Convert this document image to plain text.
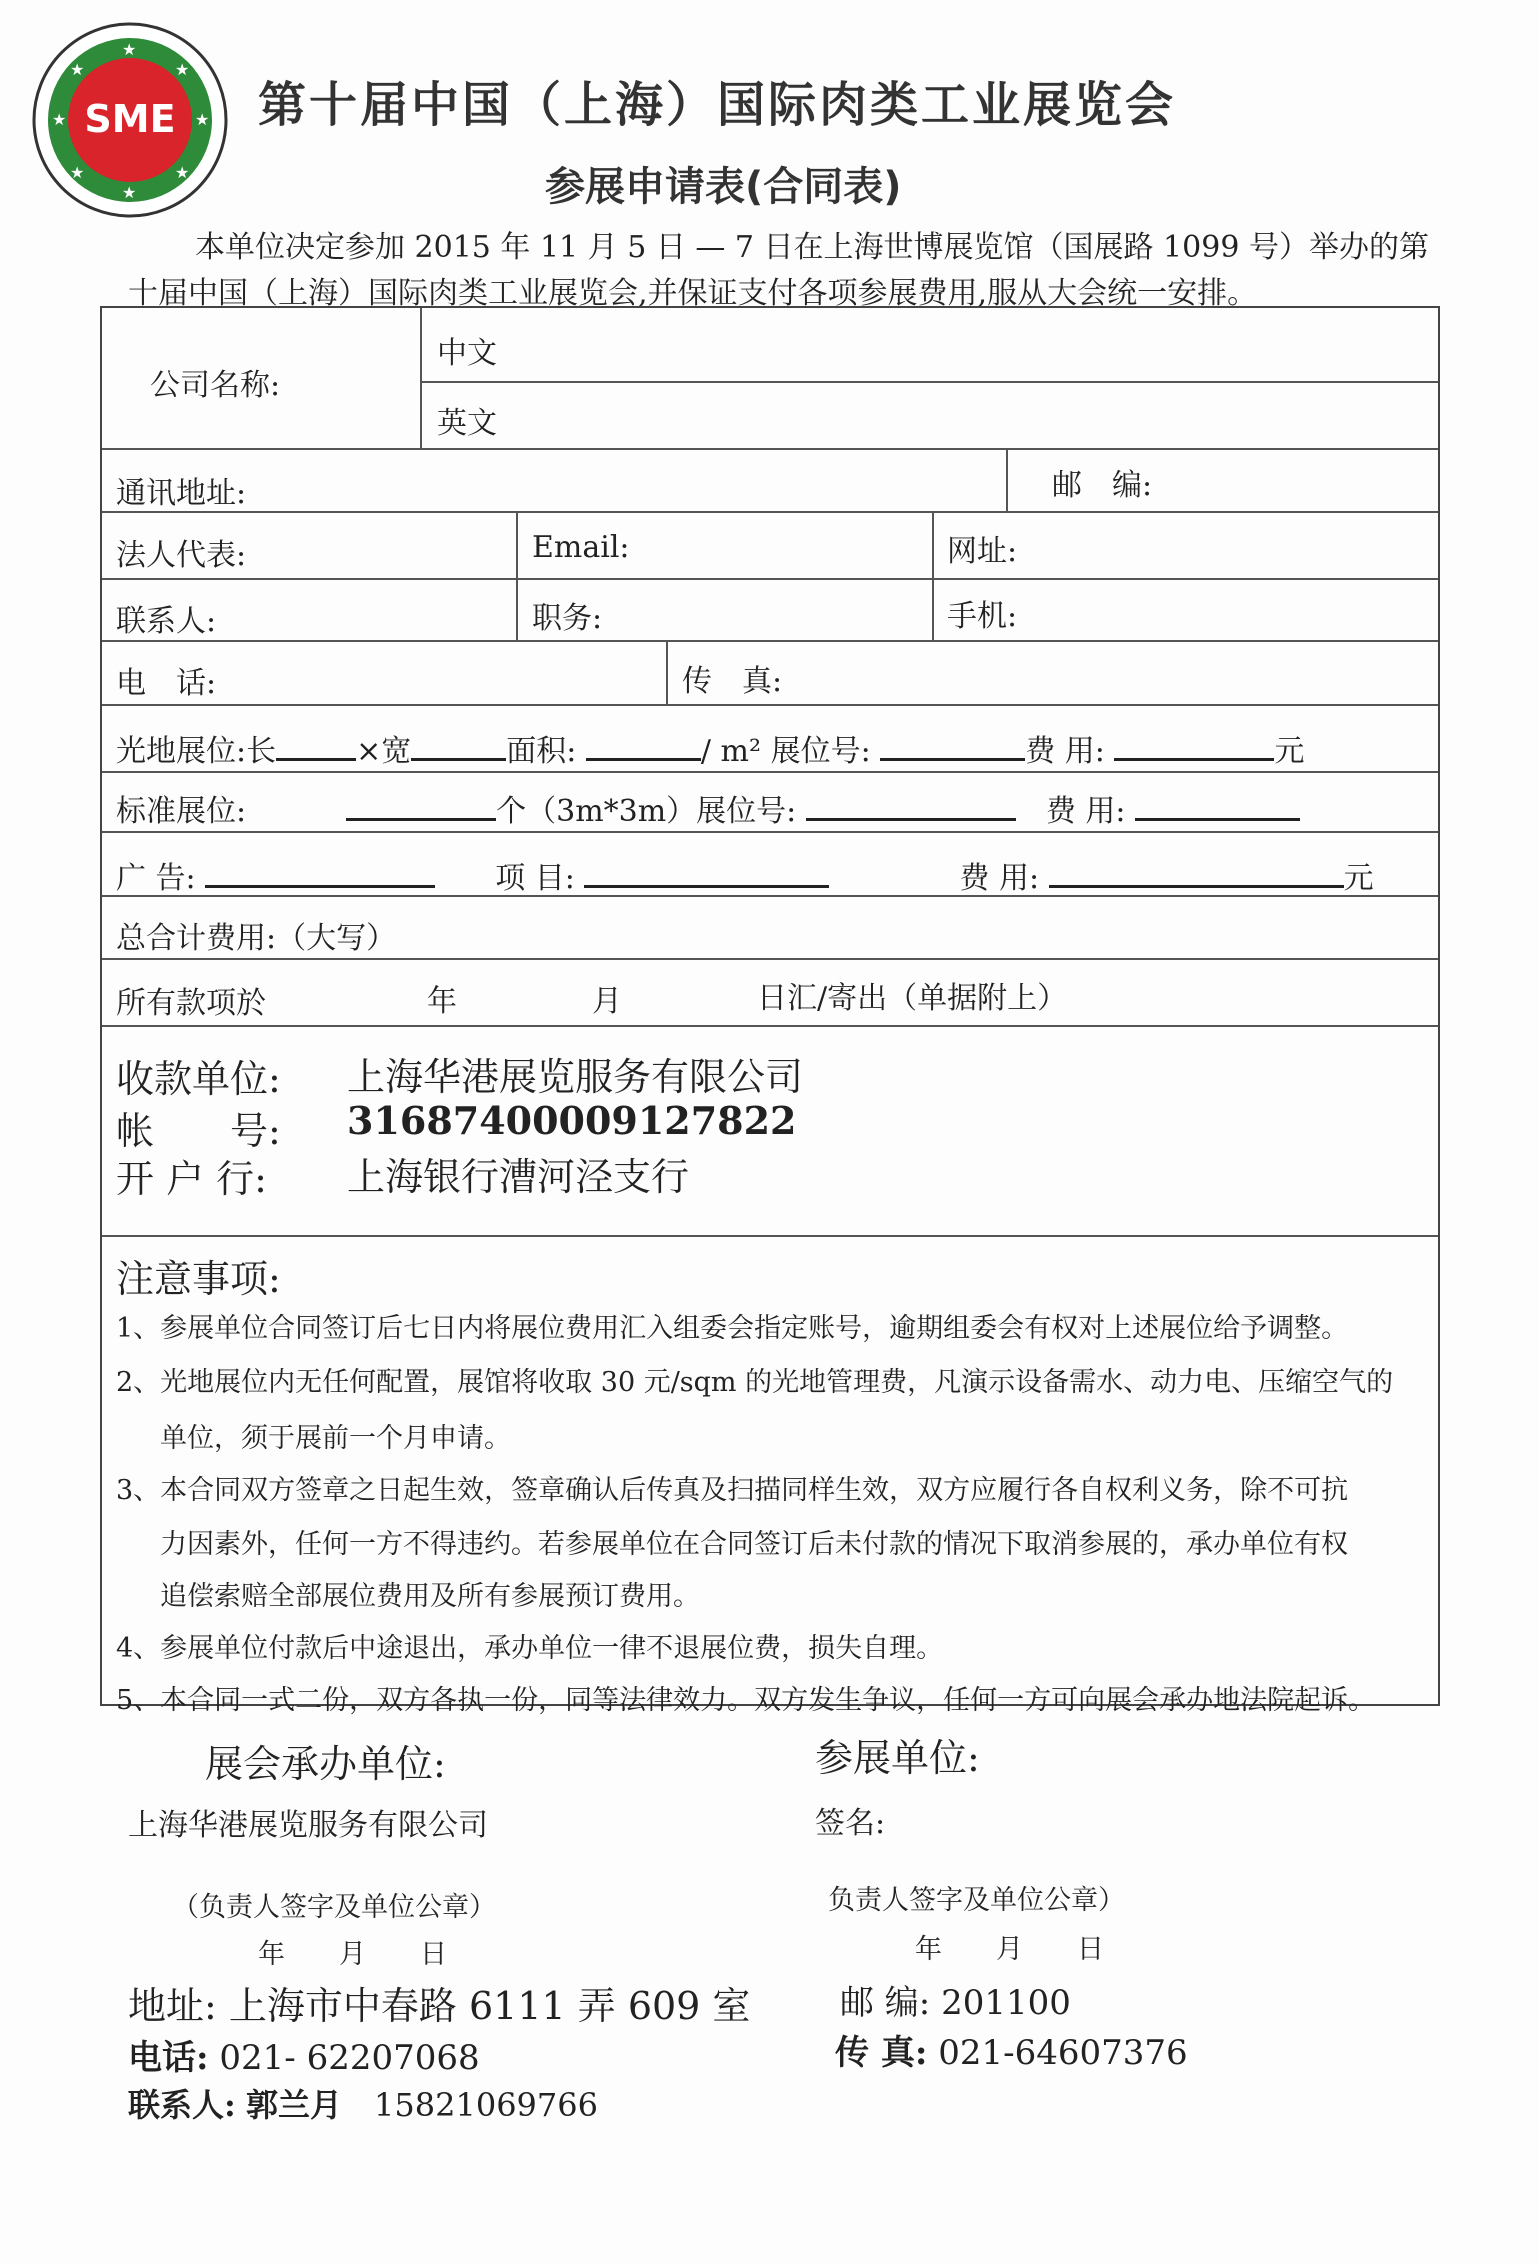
★
★
★	★
★	★
★	★
SME 第十届中国（上海）国际肉类工业展览会
参展申请表(合同表)
本单位决定参加 2015 年 11 月 5 日 — 7 日在上海世博展览馆（国展路 1099 号）举办的第
十届中国（上海）国际肉类工业展览会,并保证支付各项参展费用,服从大会统一安排。
公司名称:
中文
英文
通讯地址:	邮　编:
法人代表:	Email:	网址:
联系人:	职务:	手机:
电　话:	传　真:
光地展位:长	×宽	面积:	/ m² 展位号:	费 用:	元
标准展位:	个（3m*3m）展位号: 　	费 用:
广 告: 　　	项 目:	费 用:	元
总合计费用:（大写）
所有款项於	年	月	日汇/寄出（单据附上）
收款单位: 上海华港展览服务有限公司
帐　　号: 31687400009127822
开 户 行: 上海银行漕河泾支行
注意事项:
1、参展单位合同签订后七日内将展位费用汇入组委会指定账号，逾期组委会有权对上述展位给予调整。
2、光地展位内无任何配置，展馆将收取 30 元/sqm 的光地管理费，凡演示设备需水、动力电、压缩空气的
单位，须于展前一个月申请。
3、本合同双方签章之日起生效，签章确认后传真及扫描同样生效，双方应履行各自权利义务，除不可抗
力因素外，任何一方不得违约。若参展单位在合同签订后未付款的情况下取消参展的，承办单位有权
追偿索赔全部展位费用及所有参展预订费用。
4、参展单位付款后中途退出，承办单位一律不退展位费，损失自理。
5、本合同一式二份，双方各执一份，同等法律效力。双方发生争议，任何一方可向展会承办地法院起诉。
展会承办单位:
上海华港展览服务有限公司
（负责人签字及单位公章）
年　　月　　日
参展单位:
签名:
负责人签字及单位公章）
年　　月　　日
地址: 上海市中春路 6111 弄 609 室	邮 编: 201100
电话: 021- 62207068	传 真: 021-64607376
联系人: 郭兰月　 15821069766
